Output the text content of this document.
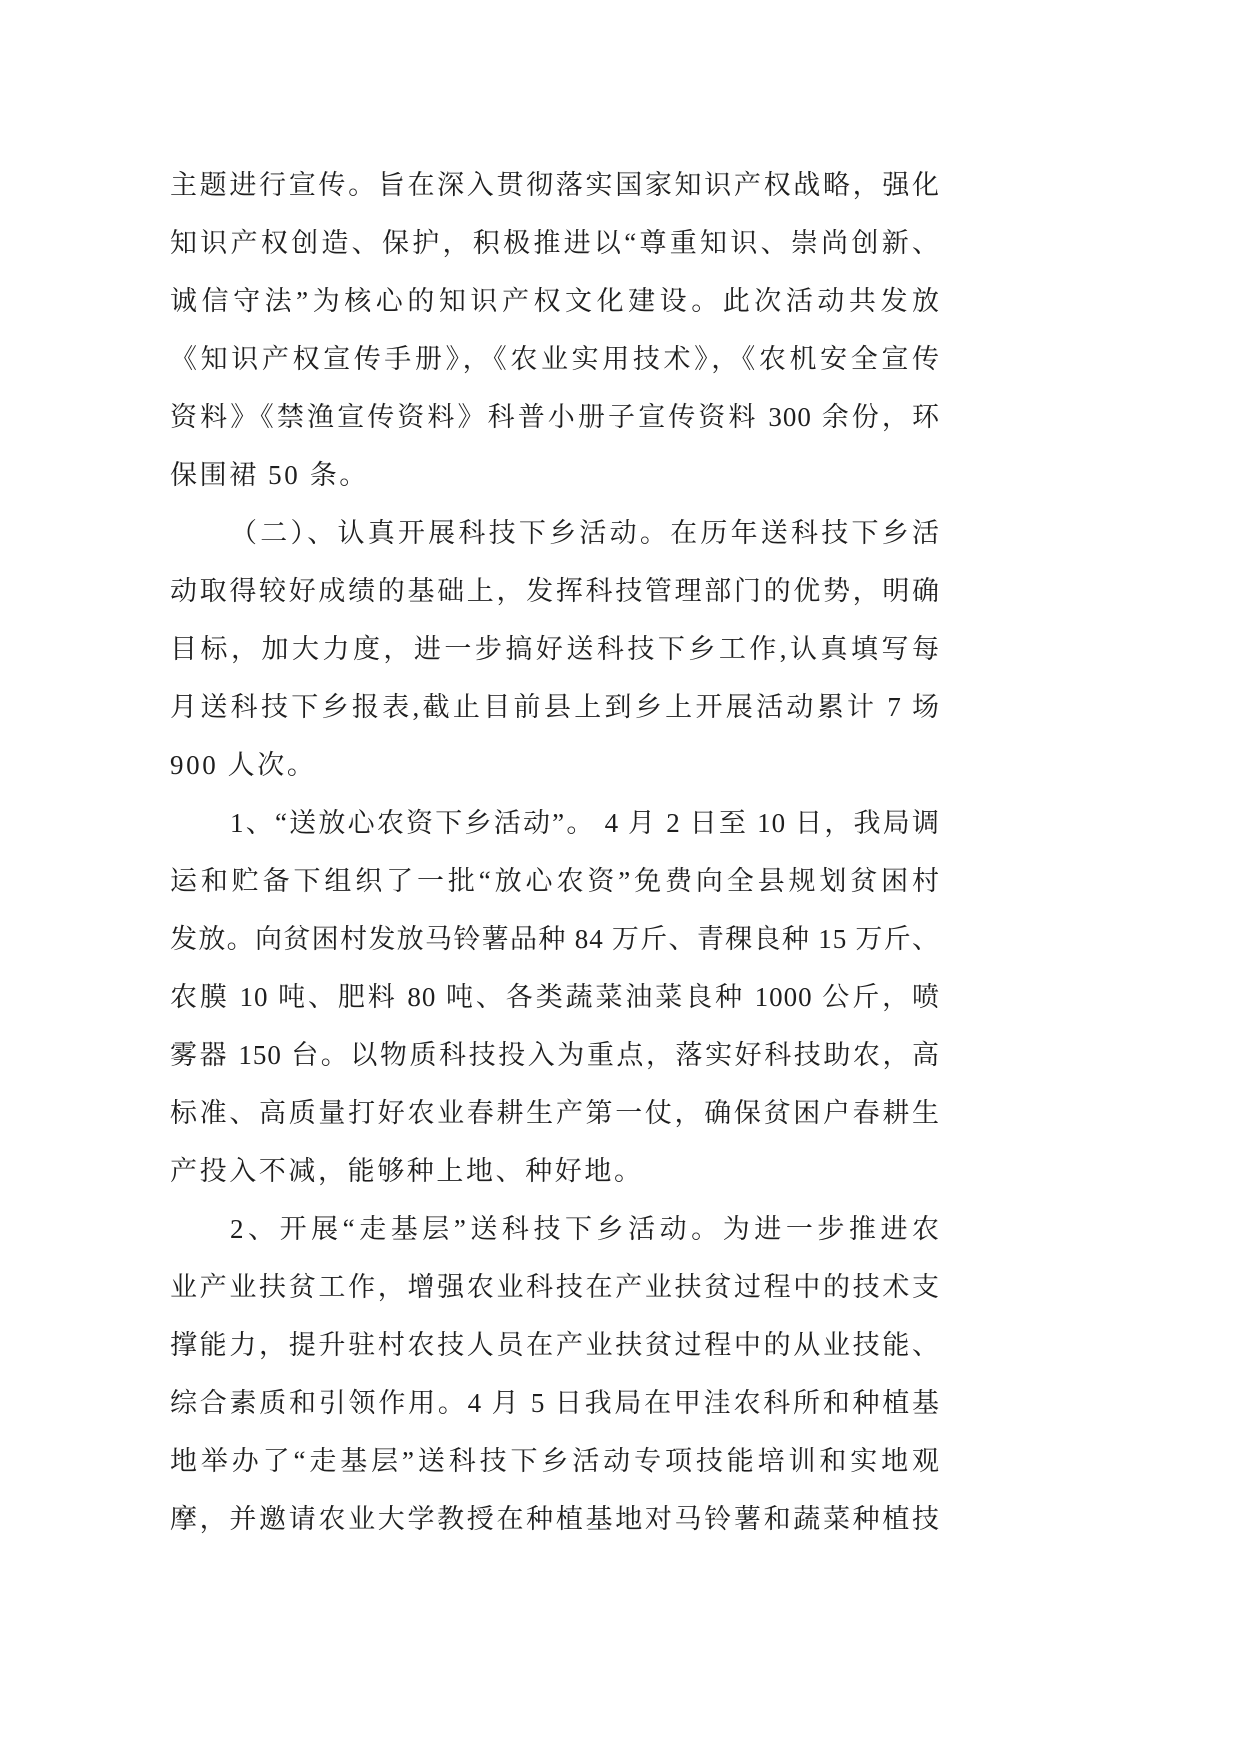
主题进行宣传。旨在深入贯彻落实国家知识产权战略，强化
知识产权创造、保护，积极推进以“尊重知识、崇尚创新、
诚信守法”为核心的知识产权文化建设。此次活动共发放
《知识产权宣传手册》，《农业实用技术》，《农机安全宣传
资料》《禁渔宣传资料》科普小册子宣传资料 300 余份，环
保围裙 50 条。
（二）、认真开展科技下乡活动。在历年送科技下乡活
动取得较好成绩的基础上，发挥科技管理部门的优势，明确
目标，加大力度，进一步搞好送科技下乡工作,认真填写每
月送科技下乡报表,截止目前县上到乡上开展活动累计 7 场
900 人次。
1、“送放心农资下乡活动”。 4 月 2 日至 10 日，我局调
运和贮备下组织了一批“放心农资”免费向全县规划贫困村
发放。向贫困村发放马铃薯品种 84 万斤、青稞良种 15 万斤、
农膜 10 吨、肥料 80 吨、各类蔬菜油菜良种 1000 公斤，喷
雾器 150 台。以物质科技投入为重点，落实好科技助农，高
标准、高质量打好农业春耕生产第一仗，确保贫困户春耕生
产投入不减，能够种上地、种好地。
2、开展“走基层”送科技下乡活动。为进一步推进农
业产业扶贫工作，增强农业科技在产业扶贫过程中的技术支
撑能力，提升驻村农技人员在产业扶贫过程中的从业技能、
综合素质和引领作用。4 月 5 日我局在甲洼农科所和种植基
地举办了“走基层”送科技下乡活动专项技能培训和实地观
摩，并邀请农业大学教授在种植基地对马铃薯和蔬菜种植技
